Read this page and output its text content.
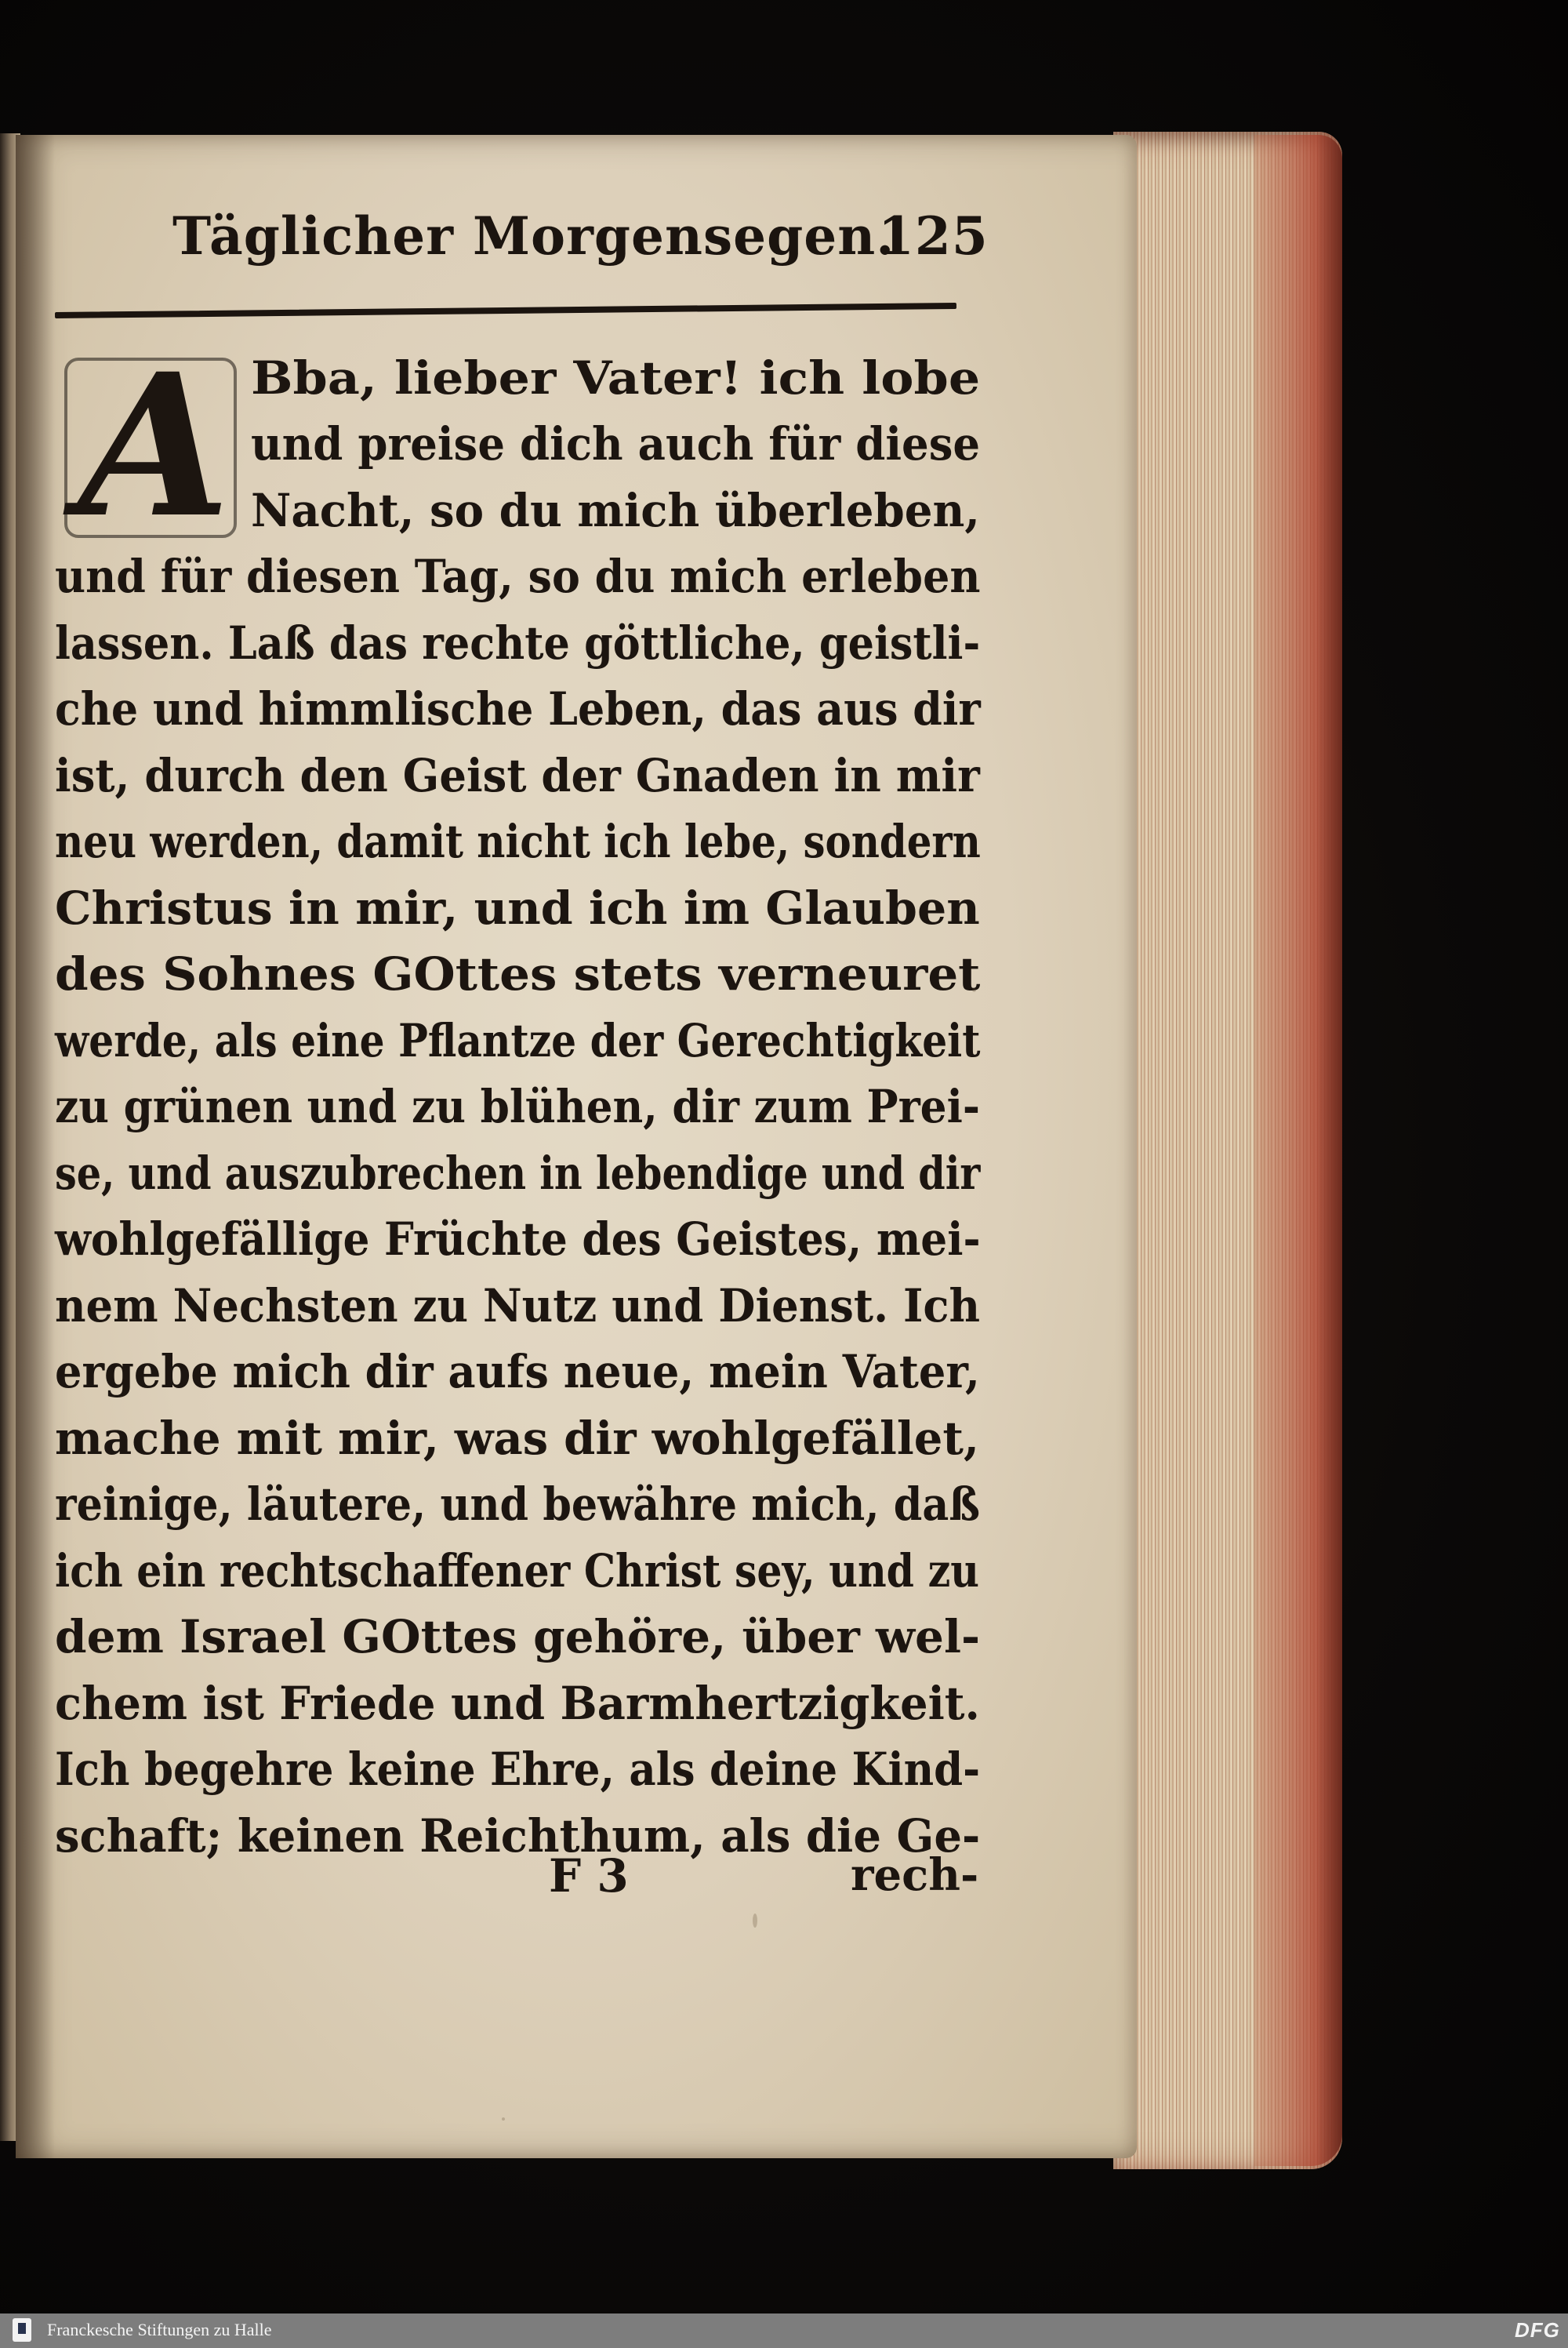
Täglicher Morgensegen.
125
A Bba, lieber Vater! ich lobe
und preise dich auch für diese
Nacht, so du mich überleben,
und für diesen Tag, so du mich erleben
lassen. Laß das rechte göttliche, geistli-
che und himmlische Leben, das aus dir
ist, durch den Geist der Gnaden in mir
neu werden, damit nicht ich lebe, sondern
Christus in mir, und ich im Glauben
des Sohnes GOttes stets verneuret
werde, als eine Pflantze der Gerechtigkeit
zu grünen und zu blühen, dir zum Prei-
se, und auszubrechen in lebendige und dir
wohlgefällige Früchte des Geistes, mei-
nem Nechsten zu Nutz und Dienst. Ich
ergebe mich dir aufs neue, mein Vater,
mache mit mir, was dir wohlgefället,
reinige, läutere, und bewähre mich, daß
ich ein rechtschaffener Christ sey, und zu
dem Israel GOttes gehöre, über wel-
chem ist Friede und Barmhertzigkeit.
Ich begehre keine Ehre, als deine Kind-
schaft; keinen Reichthum, als die Ge-
F 3	rech-
Franckesche Stiftungen zu Halle	DFG
